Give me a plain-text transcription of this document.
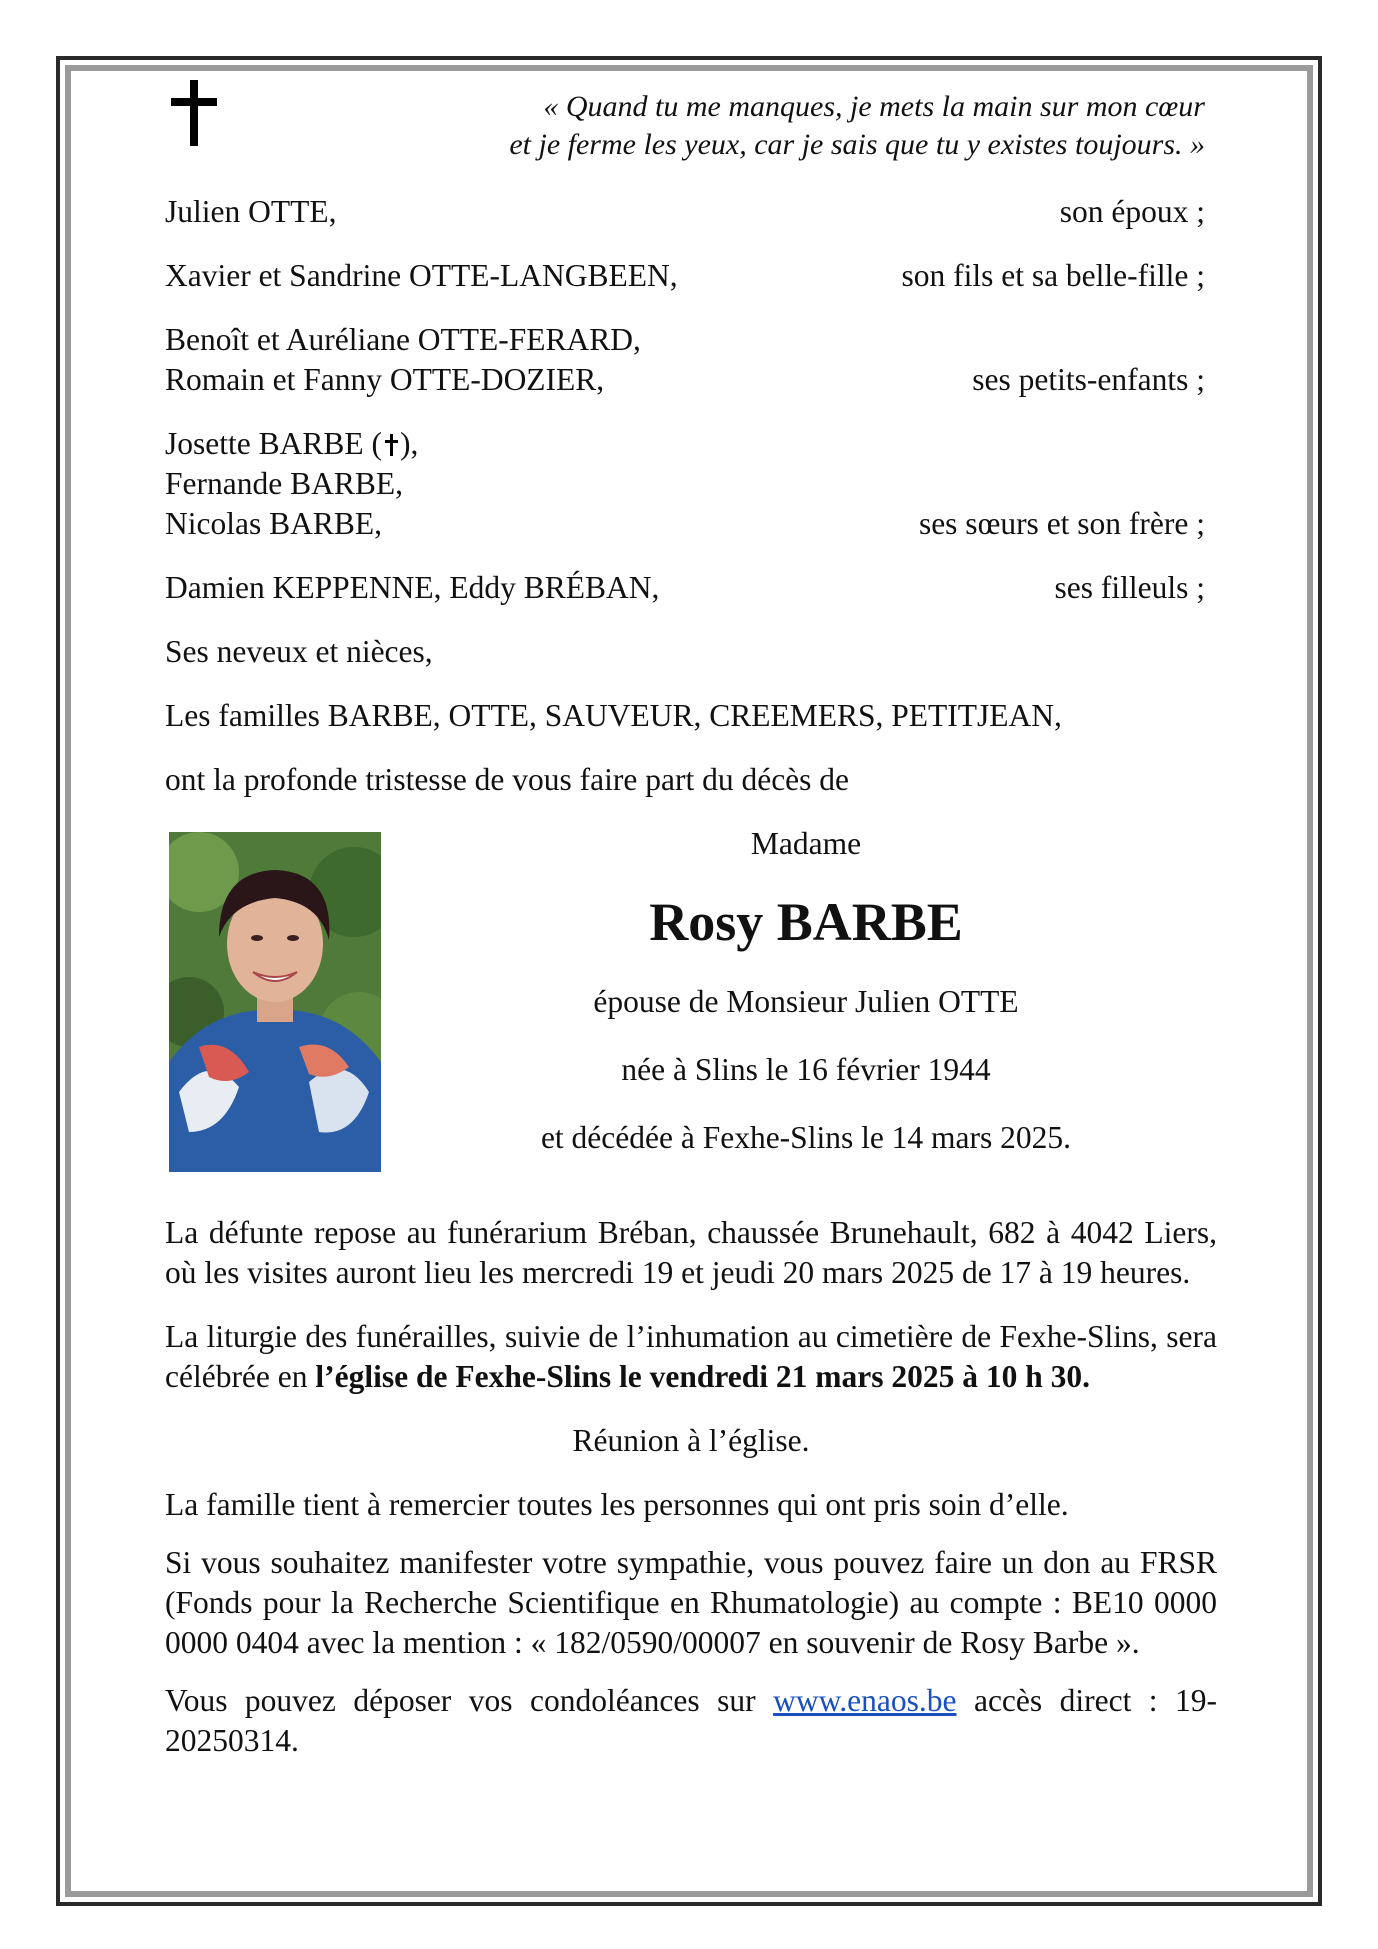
« Quand tu me manques, je mets la main sur mon cœur
et je ferme les yeux, car je sais que tu y existes toujours. »
Julien OTTE,	son époux ;
Xavier et Sandrine OTTE-LANGBEEN,	son fils et sa belle-fille ;
Benoît et Auréliane OTTE-FERARD,
Romain et Fanny OTTE-DOZIER,	ses petits-enfants ;
Josette BARBE ( ),
Fernande BARBE,
Nicolas BARBE,	ses sœurs et son frère ;
Damien KEPPENNE, Eddy BRÉBAN,	ses filleuls ;
Ses neveux et nièces,
Les familles BARBE, OTTE, SAUVEUR, CREEMERS, PETITJEAN,
ont la profonde tristesse de vous faire part du décès de
Madame
Rosy BARBE
épouse de Monsieur Julien OTTE
née à Slins le 16 février 1944
et décédée à Fexhe-Slins le 14 mars 2025.
La défunte repose au funérarium Bréban, chaussée Brunehault, 682 à 4042 Liers, où les visites auront lieu les mercredi 19 et jeudi 20 mars 2025 de 17 à 19 heures.
La liturgie des funérailles, suivie de l’inhumation au cimetière de Fexhe-Slins, sera célébrée en l’église de Fexhe-Slins le vendredi 21 mars 2025 à 10 h 30.
Réunion à l’église.
La famille tient à remercier toutes les personnes qui ont pris soin d’elle.
Si vous souhaitez manifester votre sympathie, vous pouvez faire un don au FRSR (Fonds pour la Recherche Scientifique en Rhumatologie) au compte : BE10 0000 0000 0404 avec la mention : « 182/0590/00007 en souvenir de Rosy Barbe ».
Vous pouvez déposer vos condoléances sur www.enaos.be accès direct : 19-20250314.
